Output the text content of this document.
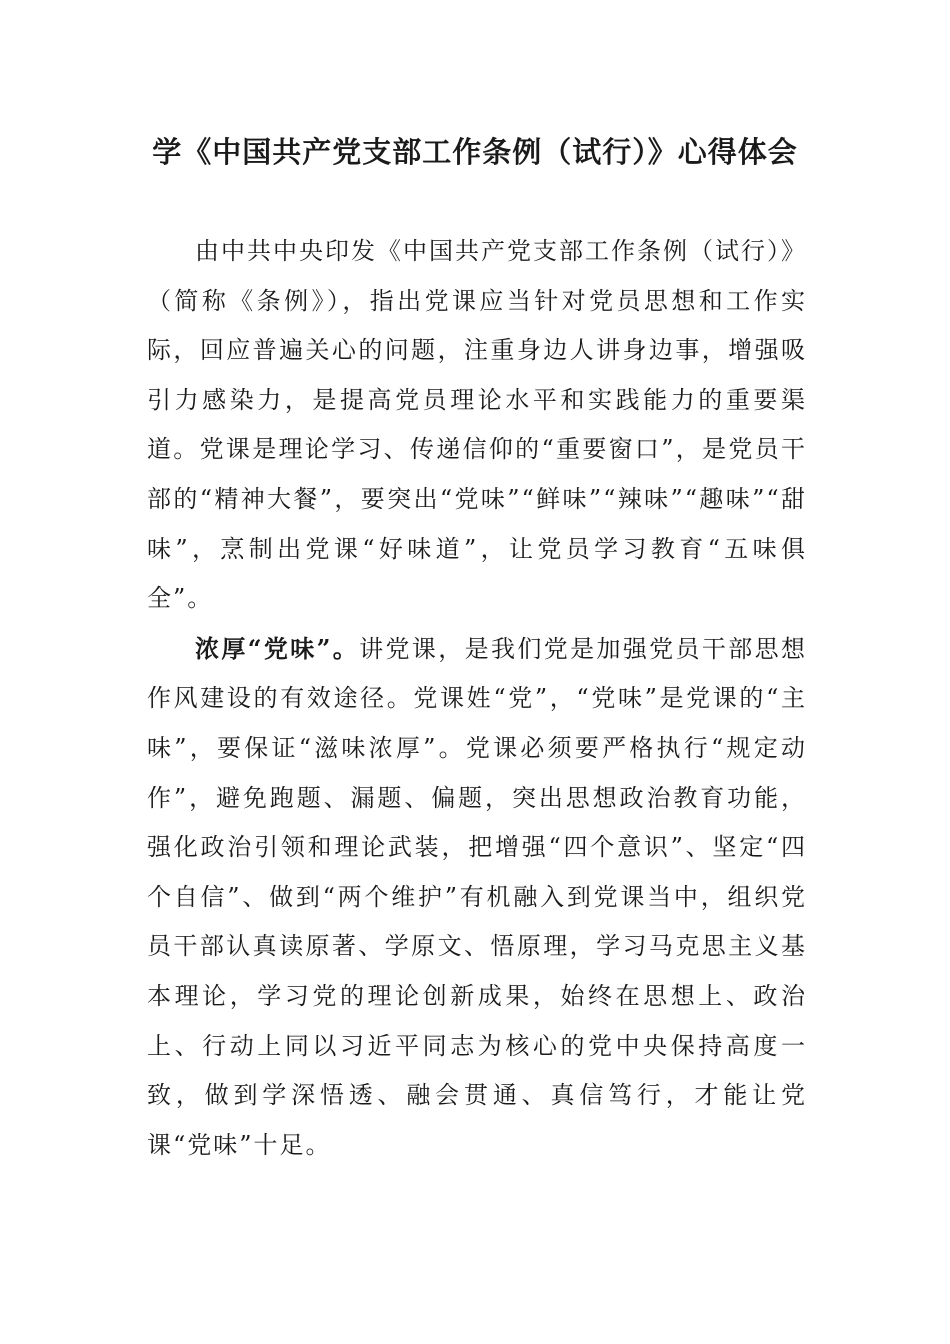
学《中国共产党支部工作条例（试行）》心得体会

由中共中央印发《中国共产党支部工作条例（试行）》（简称《条例》），指出党课应当针对党员思想和工作实际，回应普遍关心的问题，注重身边人讲身边事，增强吸引力感染力，是提高党员理论水平和实践能力的重要渠道。党课是理论学习、传递信仰的“重要窗口”，是党员干部的“精神大餐”，要突出“党味”“鲜味”“辣味”“趣味”“甜味”，烹制出党课“好味道”，让党员学习教育“五味俱全”。

浓厚“党味”。讲党课，是我们党是加强党员干部思想作风建设的有效途径。党课姓“党”，“党味”是党课的“主味”，要保证“滋味浓厚”。党课必须要严格执行“规定动作”，避免跑题、漏题、偏题，突出思想政治教育功能，强化政治引领和理论武装，把增强“四个意识”、坚定“四个自信”、做到“两个维护”有机融入到党课当中，组织党员干部认真读原著、学原文、悟原理，学习马克思主义基本理论，学习党的理论创新成果，始终在思想上、政治上、行动上同以习近平同志为核心的党中央保持高度一致，做到学深悟透、融会贯通、真信笃行，才能让党课“党味”十足。
